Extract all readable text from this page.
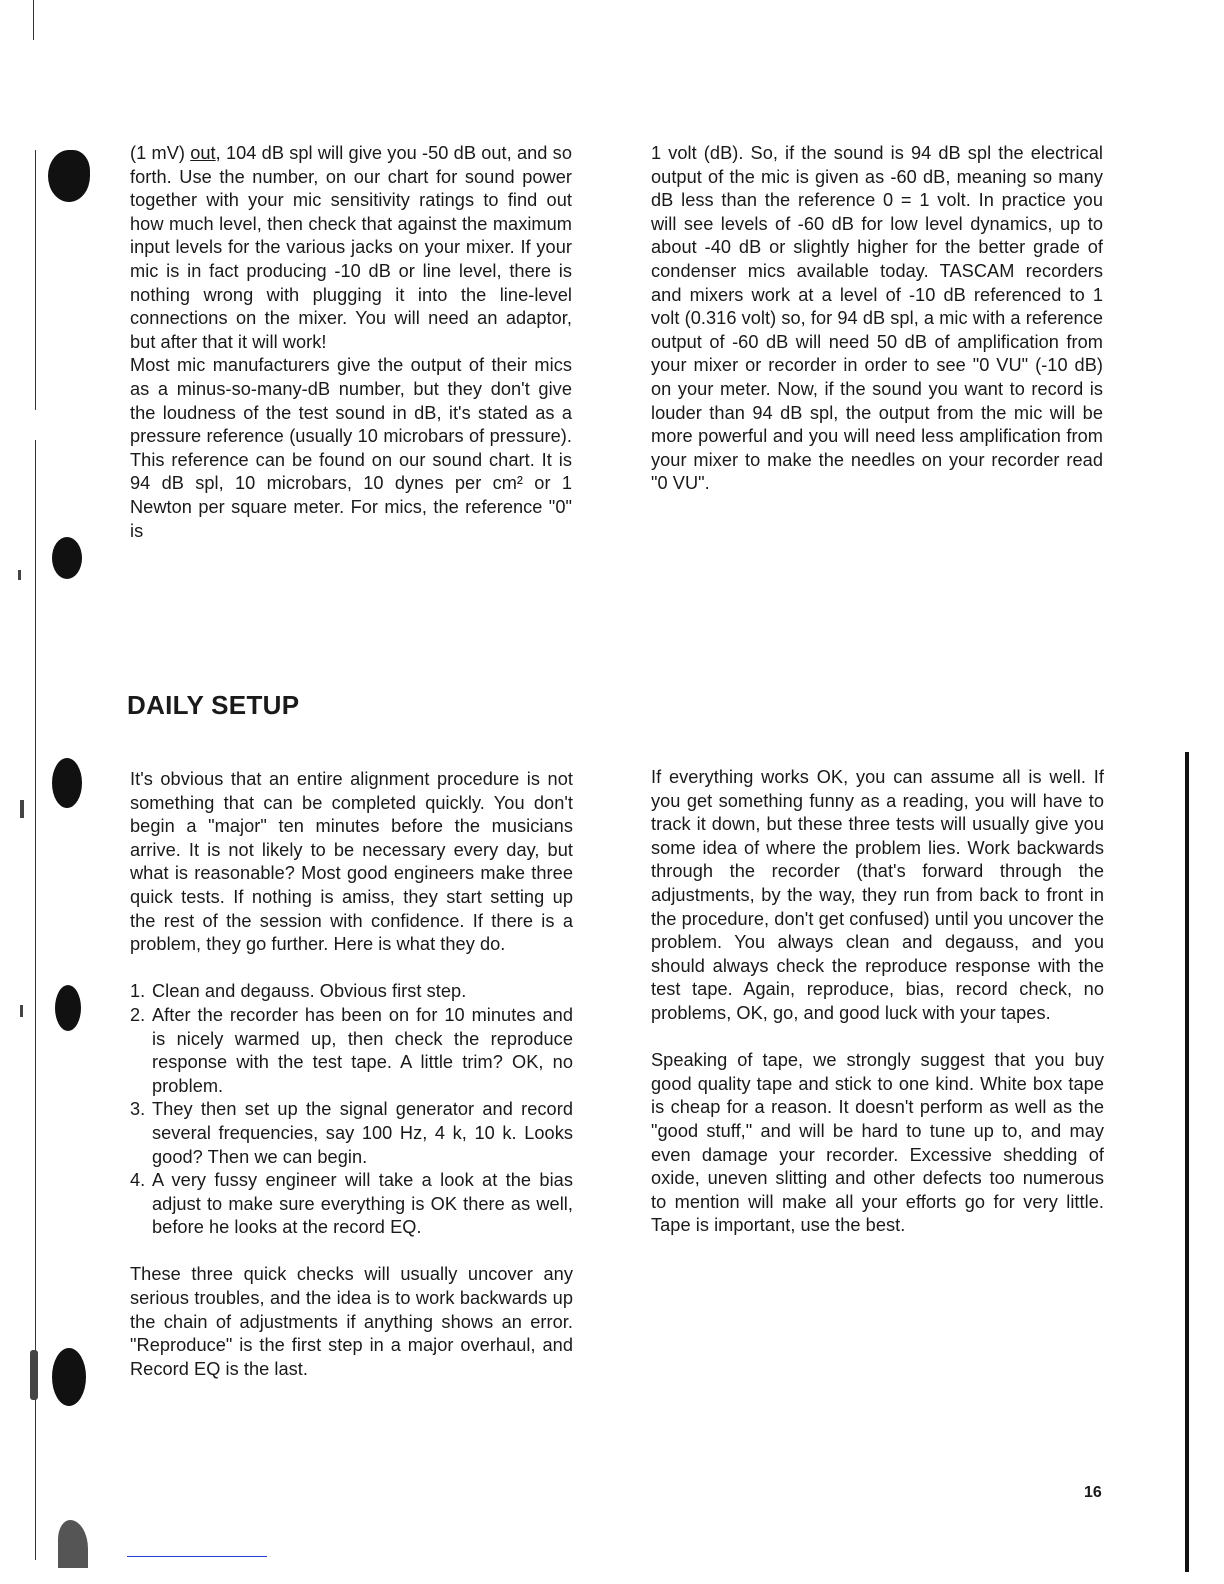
(1 mV) out, 104 dB spl will give you -50 dB out, and so forth. Use the number, on our chart for sound power together with your mic sensitivity ratings to find out how much level, then check that against the maximum input levels for the various jacks on your mixer. If your mic is in fact producing -10 dB or line level, there is nothing wrong with plugging it into the line-level connections on the mixer. You will need an adaptor, but after that it will work!

Most mic manufacturers give the output of their mics as a minus-so-many-dB number, but they don't give the loudness of the test sound in dB, it's stated as a pressure reference (usually 10 microbars of pressure). This reference can be found on our sound chart. It is 94 dB spl, 10 microbars, 10 dynes per cm² or 1 Newton per square meter. For mics, the reference "0" is

1 volt (dB). So, if the sound is 94 dB spl the electrical output of the mic is given as -60 dB, meaning so many dB less than the reference 0 = 1 volt. In practice you will see levels of -60 dB for low level dynamics, up to about -40 dB or slightly higher for the better grade of condenser mics available today. TASCAM recorders and mixers work at a level of -10 dB referenced to 1 volt (0.316 volt) so, for 94 dB spl, a mic with a reference output of -60 dB will need 50 dB of amplification from your mixer or recorder in order to see "0 VU" (-10 dB) on your meter. Now, if the sound you want to record is louder than 94 dB spl, the output from the mic will be more powerful and you will need less amplification from your mixer to make the needles on your recorder read "0 VU".

DAILY SETUP

It's obvious that an entire alignment procedure is not something that can be completed quickly. You don't begin a "major" ten minutes before the musicians arrive. It is not likely to be necessary every day, but what is reasonable? Most good engineers make three quick tests. If nothing is amiss, they start setting up the rest of the session with confidence. If there is a problem, they go further. Here is what they do.

1. Clean and degauss. Obvious first step.
2. After the recorder has been on for 10 minutes and is nicely warmed up, then check the reproduce response with the test tape. A little trim? OK, no problem.
3. They then set up the signal generator and record several frequencies, say 100 Hz, 4 k, 10 k. Looks good? Then we can begin.
4. A very fussy engineer will take a look at the bias adjust to make sure everything is OK there as well, before he looks at the record EQ.

These three quick checks will usually uncover any serious troubles, and the idea is to work backwards up the chain of adjustments if anything shows an error. "Reproduce" is the first step in a major overhaul, and Record EQ is the last.

If everything works OK, you can assume all is well. If you get something funny as a reading, you will have to track it down, but these three tests will usually give you some idea of where the problem lies. Work backwards through the recorder (that's forward through the adjustments, by the way, they run from back to front in the procedure, don't get confused) until you uncover the problem. You always clean and degauss, and you should always check the reproduce response with the test tape. Again, reproduce, bias, record check, no problems, OK, go, and good luck with your tapes.

Speaking of tape, we strongly suggest that you buy good quality tape and stick to one kind. White box tape is cheap for a reason. It doesn't perform as well as the "good stuff," and will be hard to tune up to, and may even damage your recorder. Excessive shedding of oxide, uneven slitting and other defects too numerous to mention will make all your efforts go for very little. Tape is important, use the best.

16
